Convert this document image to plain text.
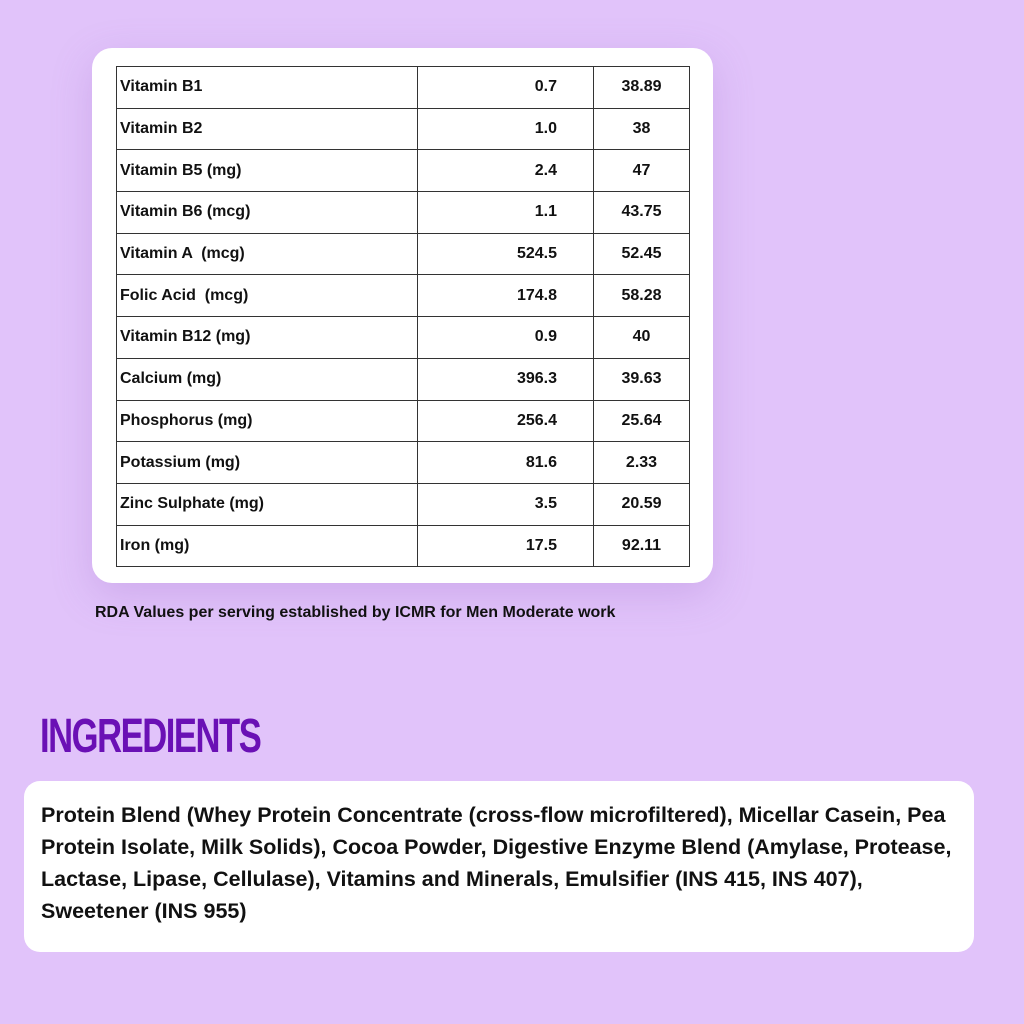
Vitamin B1	0.7	38.89
Vitamin B2	1.0	38
Vitamin B5 (mg)	2.4	47
Vitamin B6 (mcg)	1.1	43.75
Vitamin A  (mcg)	524.5	52.45
Folic Acid  (mcg)	174.8	58.28
Vitamin B12 (mg)	0.9	40
Calcium (mg)	396.3	39.63
Phosphorus (mg)	256.4	25.64
Potassium (mg)	81.6	2.33
Zinc Sulphate (mg)	3.5	20.59
Iron (mg)	17.5	92.11

RDA Values per serving established by ICMR for Men Moderate work

INGREDIENTS

Protein Blend (Whey Protein Concentrate (cross-flow microfiltered), Micellar Casein, Pea Protein Isolate, Milk Solids), Cocoa Powder, Digestive Enzyme Blend (Amylase, Protease, Lactase, Lipase, Cellulase), Vitamins and Minerals, Emulsifier (INS 415, INS 407), Sweetener (INS 955)
